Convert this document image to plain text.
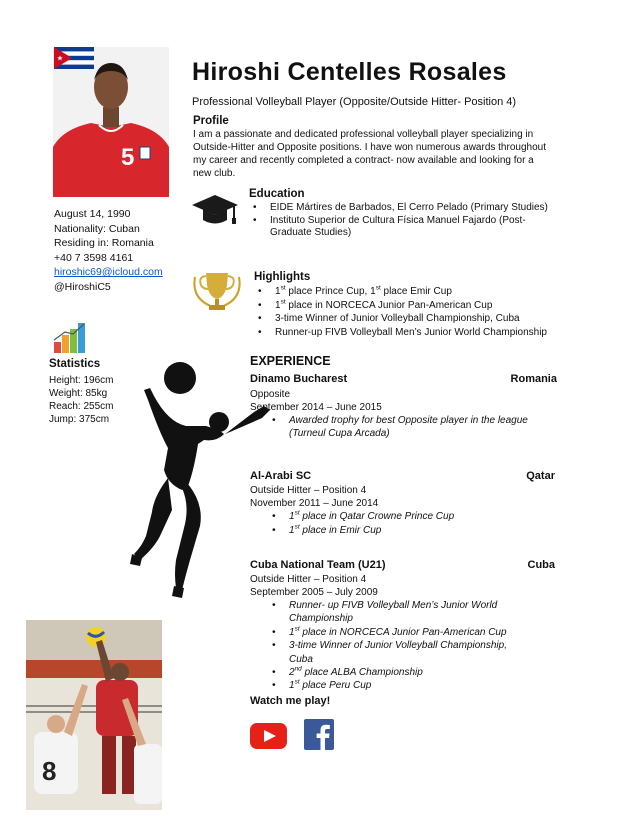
5
Hiroshi Centelles Rosales
Professional Volleyball Player (Opposite/Outside Hitter- Position 4)
Profile
I am a passionate and dedicated professional volleyball player specializing in Outside-Hitter and Opposite positions. I have won numerous awards throughout my career and recently completed a contract- now available and looking for a new club.
August 14, 1990
Nationality: Cuban
Residing in: Romania
+40 7 3598 4161
hiroshic69@icloud.com
@HiroshiC5
Education
• EIDE Mártires de Barbados, El Cerro Pelado (Primary Studies)
• Instituto Superior de Cultura Física Manuel Fajardo (Post-Graduate Studies)
Highlights
• 1st place Prince Cup, 1st place Emir Cup
• 1st place in NORCECA Junior Pan-American Cup
• 3-time Winner of Junior Volleyball Championship, Cuba
• Runner-up FIVB Volleyball Men’s Junior World Championship
Statistics
Height: 196cm
Weight: 85kg
Reach: 255cm
Jump: 375cm
8
EXPERIENCE
Dinamo Bucharest	Romania
Opposite
September 2014 – June 2015
• Awarded trophy for best Opposite player in the league (Turneul Cupa Arcada)
Al-Arabi SC	Qatar
Outside Hitter – Position 4
November 2011 – June 2014
• 1st place in Qatar Crowne Prince Cup
• 1st place in Emir Cup
Cuba National Team (U21)	Cuba
Outside Hitter – Position 4
September 2005 – July 2009
• Runner- up FIVB Volleyball Men’s Junior World Championship
• 1st place in NORCECA Junior Pan-American Cup
• 3-time Winner of Junior Volleyball Championship, Cuba
• 2nd place ALBA Championship
• 1st place Peru Cup
Watch me play!
